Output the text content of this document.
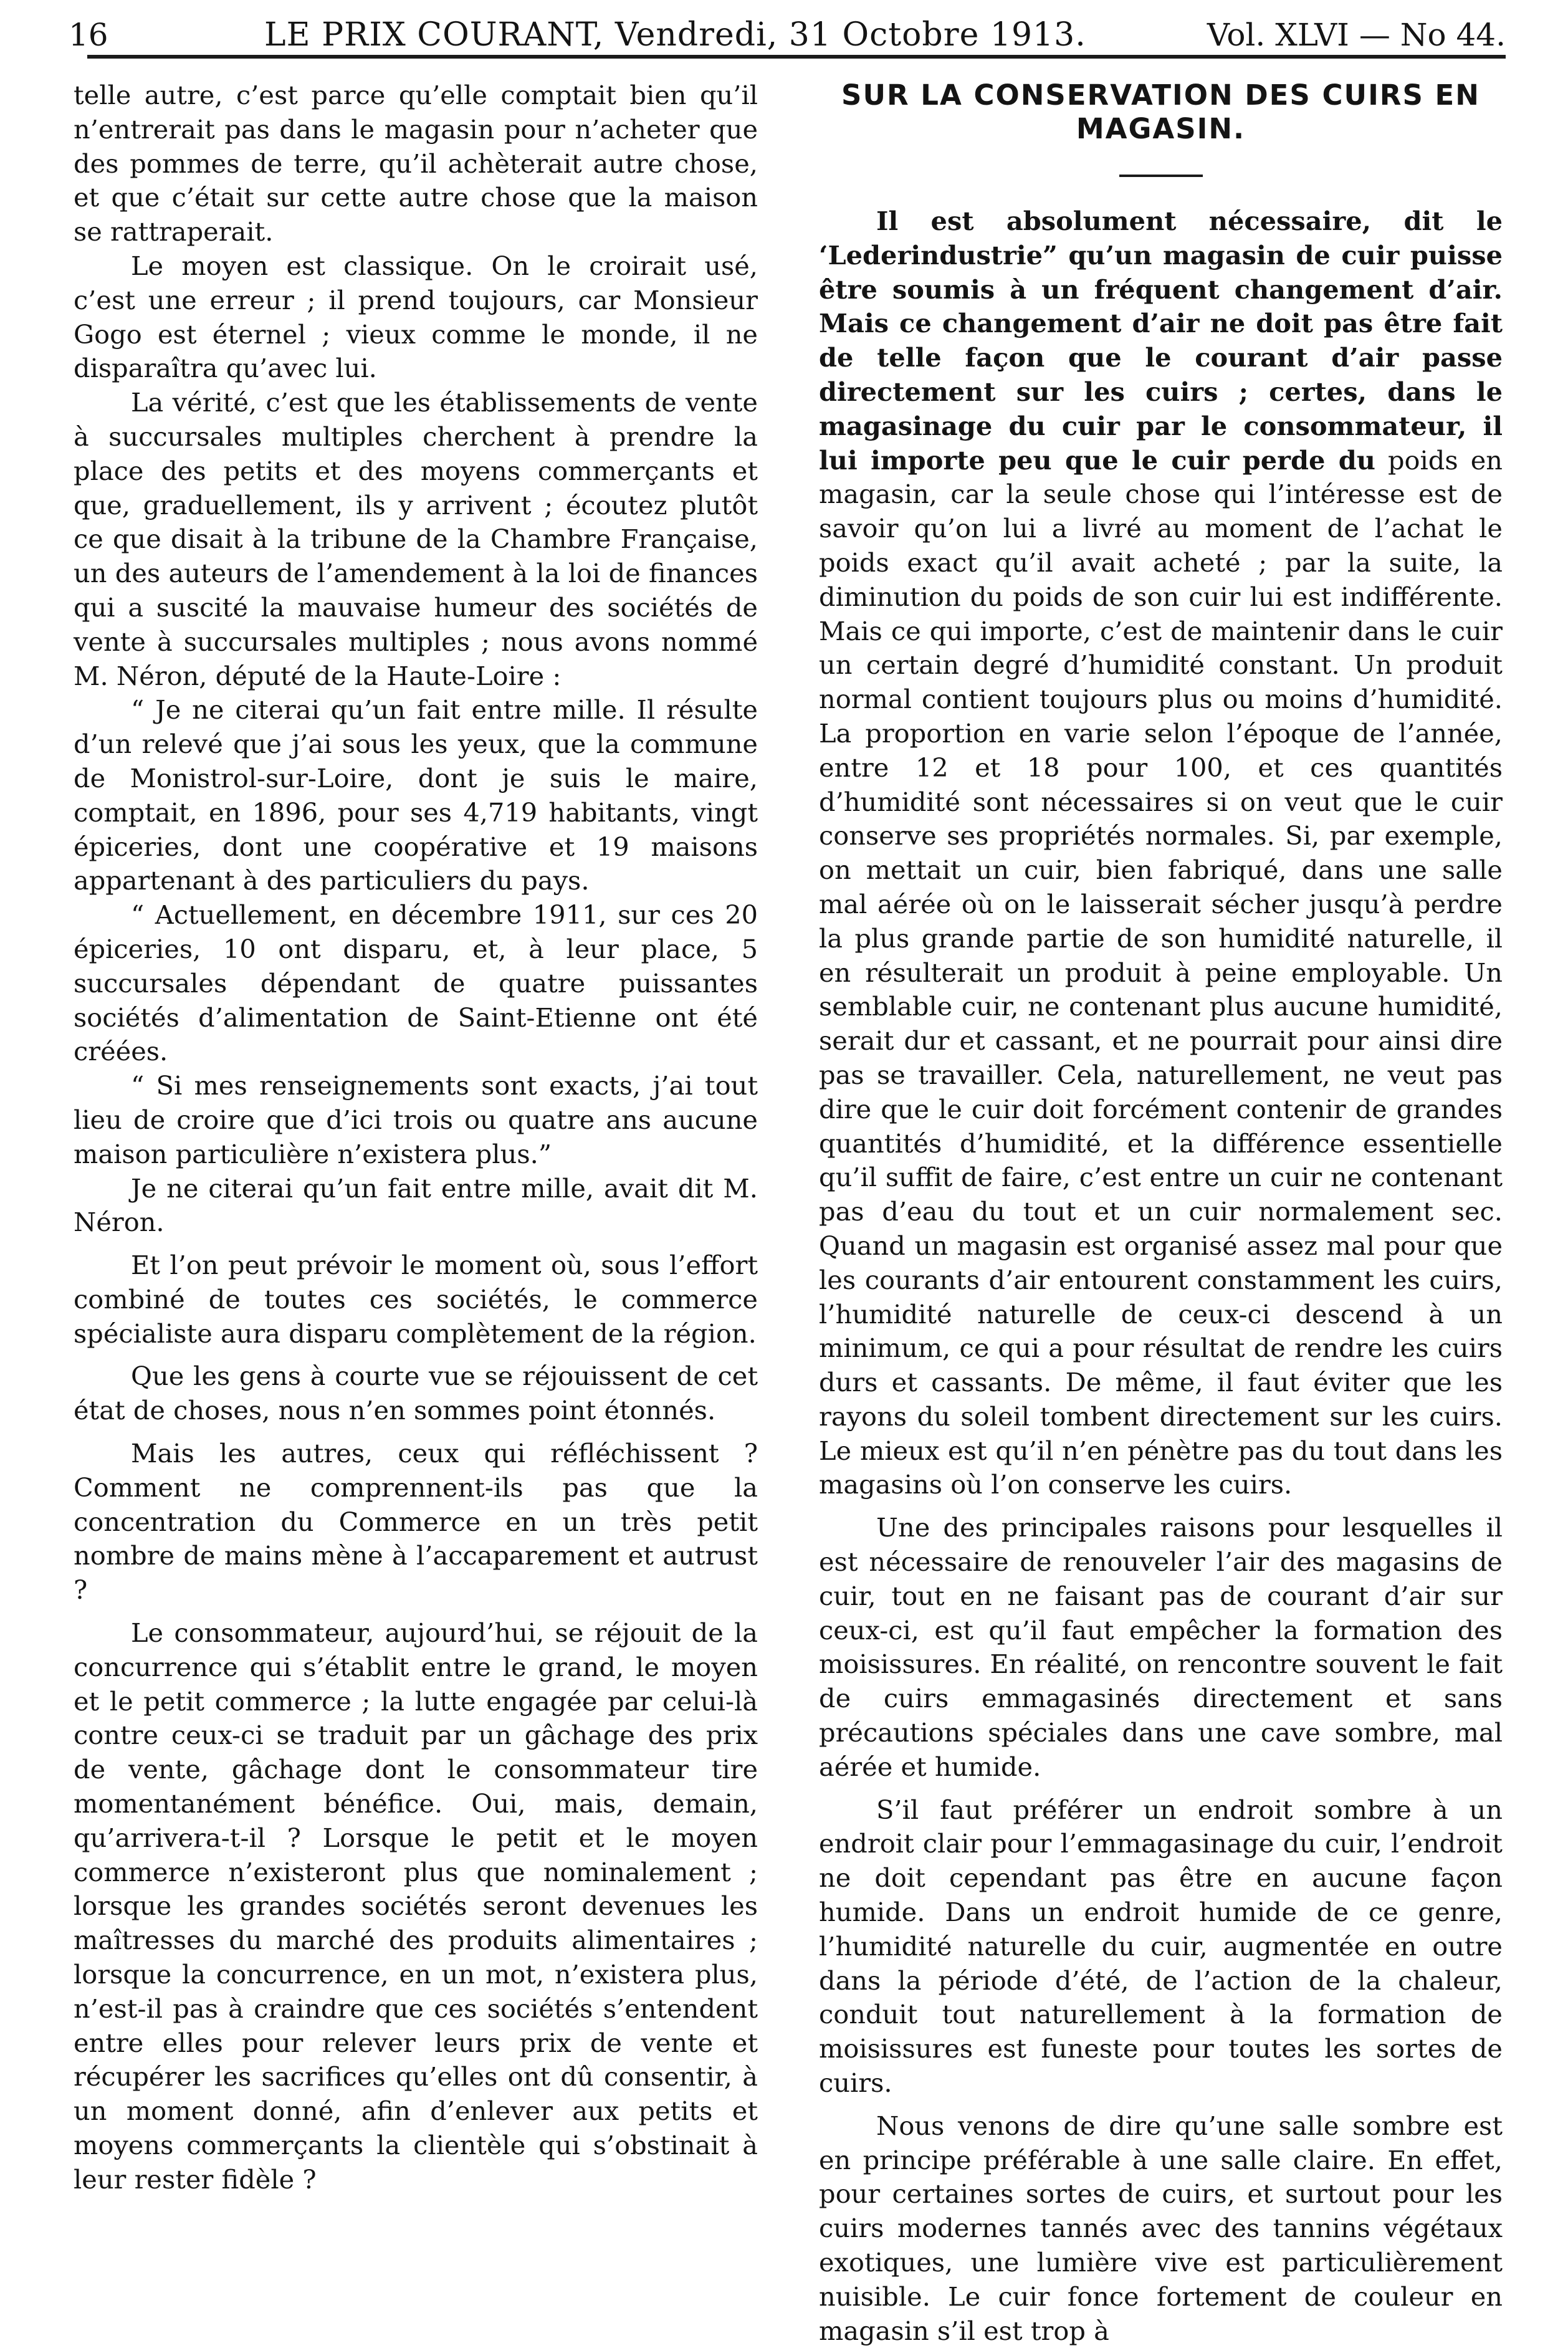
16	LE PRIX COURANT, Vendredi, 31 Octobre 1913.	Vol. XLVI — No 44.

telle autre, c’est parce qu’elle comptait bien qu’il n’entrerait pas dans le magasin pour n’acheter que des pommes de terre, qu’il achèterait autre chose, et que c’était sur cette autre chose que la maison se rattraperait.

Le moyen est classique. On le croirait usé, c’est une erreur ; il prend toujours, car Monsieur Gogo est éternel ; vieux comme le monde, il ne disparaîtra qu’avec lui.

La vérité, c’est que les établissements de vente à succursales multiples cherchent à prendre la place des petits et des moyens commerçants et que, graduellement, ils y arrivent ; écoutez plutôt ce que disait à la tribune de la Chambre Française, un des auteurs de l’amendement à la loi de finances qui a suscité la mauvaise humeur des sociétés de vente à succursales multiples ; nous avons nommé M. Néron, député de la Haute-Loire :

“ Je ne citerai qu’un fait entre mille. Il résulte d’un relevé que j’ai sous les yeux, que la commune de Monistrol-sur-Loire, dont je suis le maire, comptait, en 1896, pour ses 4,719 habitants, vingt épiceries, dont une coopérative et 19 maisons appartenant à des particuliers du pays.

“ Actuellement, en décembre 1911, sur ces 20 épiceries, 10 ont disparu, et, à leur place, 5 succursales dépendant de quatre puissantes sociétés d’alimentation de Saint-Etienne ont été créées.

“ Si mes renseignements sont exacts, j’ai tout lieu de croire que d’ici trois ou quatre ans aucune maison particulière n’existera plus.”

Je ne citerai qu’un fait entre mille, avait dit M. Néron.

Et l’on peut prévoir le moment où, sous l’effort combiné de toutes ces sociétés, le commerce spécialiste aura disparu complètement de la région.

Que les gens à courte vue se réjouissent de cet état de choses, nous n’en sommes point étonnés.

Mais les autres, ceux qui réfléchissent ? Comment ne comprennent-ils pas que la concentration du Commerce en un très petit nombre de mains mène à l’accaparement et autrust ?

Le consommateur, aujourd’hui, se réjouit de la concurrence qui s’établit entre le grand, le moyen et le petit commerce ; la lutte engagée par celui-là contre ceux-ci se traduit par un gâchage des prix de vente, gâchage dont le consommateur tire momentanément bénéfice. Oui, mais, demain, qu’arrivera-t-il ? Lorsque le petit et le moyen commerce n’existeront plus que nominalement ; lorsque les grandes sociétés seront devenues les maîtresses du marché des produits alimentaires ; lorsque la concurrence, en un mot, n’existera plus, n’est-il pas à craindre que ces sociétés s’entendent entre elles pour relever leurs prix de vente et récupérer les sacrifices qu’elles ont dû consentir, à un moment donné, afin d’enlever aux petits et moyens commerçants la clientèle qui s’obstinait à leur rester fidèle ?

SUR LA CONSERVATION DES CUIRS EN MAGASIN.

Il est absolument nécessaire, dit le ‘Lederindustrie” qu’un magasin de cuir puisse être soumis à un fréquent changement d’air. Mais ce changement d’air ne doit pas être fait de telle façon que le courant d’air passe directement sur les cuirs ; certes, dans le magasinage du cuir par le consommateur, il lui importe peu que le cuir perde du poids en magasin, car la seule chose qui l’intéresse est de savoir qu’on lui a livré au moment de l’achat le poids exact qu’il avait acheté ; par la suite, la diminution du poids de son cuir lui est indifférente. Mais ce qui importe, c’est de maintenir dans le cuir un certain degré d’humidité constant. Un produit normal contient toujours plus ou moins d’humidité. La proportion en varie selon l’époque de l’année, entre 12 et 18 pour 100, et ces quantités d’humidité sont nécessaires si on veut que le cuir conserve ses propriétés normales. Si, par exemple, on mettait un cuir, bien fabriqué, dans une salle mal aérée où on le laisserait sécher jusqu’à perdre la plus grande partie de son humidité naturelle, il en résulterait un produit à peine employable. Un semblable cuir, ne contenant plus aucune humidité, serait dur et cassant, et ne pourrait pour ainsi dire pas se travailler. Cela, naturellement, ne veut pas dire que le cuir doit forcément contenir de grandes quantités d’humidité, et la différence essentielle qu’il suffit de faire, c’est entre un cuir ne contenant pas d’eau du tout et un cuir normalement sec. Quand un magasin est organisé assez mal pour que les courants d’air entourent constamment les cuirs, l’humidité naturelle de ceux-ci descend à un minimum, ce qui a pour résultat de rendre les cuirs durs et cassants. De même, il faut éviter que les rayons du soleil tombent directement sur les cuirs. Le mieux est qu’il n’en pénètre pas du tout dans les magasins où l’on conserve les cuirs.

Une des principales raisons pour lesquelles il est nécessaire de renouveler l’air des magasins de cuir, tout en ne faisant pas de courant d’air sur ceux-ci, est qu’il faut empêcher la formation des moisissures. En réalité, on rencontre souvent le fait de cuirs emmagasinés directement et sans précautions spéciales dans une cave sombre, mal aérée et humide.

S’il faut préférer un endroit sombre à un endroit clair pour l’emmagasinage du cuir, l’endroit ne doit cependant pas être en aucune façon humide. Dans un endroit humide de ce genre, l’humidité naturelle du cuir, augmentée en outre dans la période d’été, de l’action de la chaleur, conduit tout naturellement à la formation de moisissures est funeste pour toutes les sortes de cuirs.

Nous venons de dire qu’une salle sombre est en principe préférable à une salle claire. En effet, pour certaines sortes de cuirs, et surtout pour les cuirs modernes tannés avec des tannins végétaux exotiques, une lumière vive est particulièrement nuisible. Le cuir fonce fortement de couleur en magasin s’il est trop à
